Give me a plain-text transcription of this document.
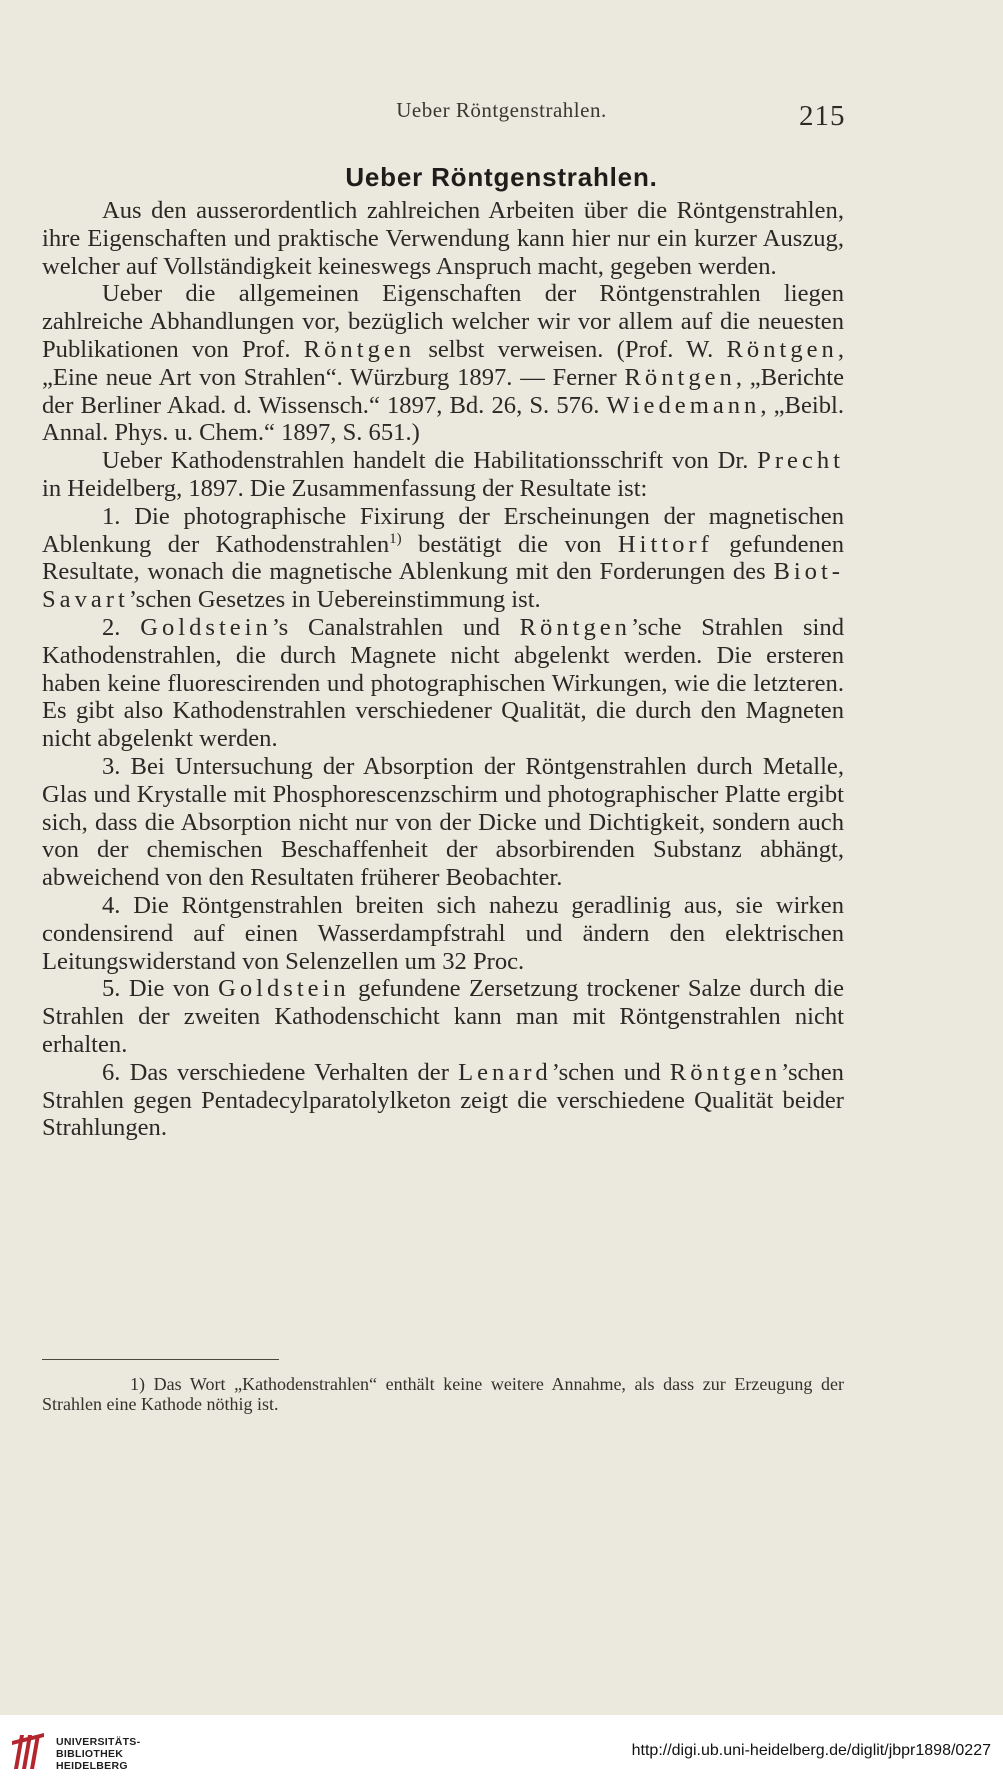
Ueber Röntgenstrahlen.	215
Ueber Röntgenstrahlen.

Aus den ausserordentlich zahlreichen Arbeiten über die Röntgenstrahlen, ihre Eigenschaften und praktische Verwendung kann hier nur ein kurzer Auszug, welcher auf Vollständigkeit keineswegs Anspruch macht, gegeben werden.

Ueber die allgemeinen Eigenschaften der Röntgenstrahlen liegen zahlreiche Abhandlungen vor, bezüglich welcher wir vor allem auf die neuesten Publikationen von Prof. Röntgen selbst verweisen. (Prof. W. Röntgen, „Eine neue Art von Strahlen“. Würzburg 1897. — Ferner Röntgen, „Berichte der Berliner Akad. d. Wissensch.“ 1897, Bd. 26, S. 576. Wiedemann, „Beibl. Annal. Phys. u. Chem.“ 1897, S. 651.)

Ueber Kathodenstrahlen handelt die Habilitationsschrift von Dr. Precht in Heidelberg, 1897. Die Zusammenfassung der Resultate ist:

1. Die photographische Fixirung der Erscheinungen der magnetischen Ablenkung der Kathodenstrahlen$^{1)}$ bestätigt die von Hittorf gefundenen Resultate, wonach die magnetische Ablenkung mit den Forderungen des Biot-Savart’schen Gesetzes in Uebereinstimmung ist.

2. Goldstein’s Canalstrahlen und Röntgen’sche Strahlen sind Kathodenstrahlen, die durch Magnete nicht abgelenkt werden. Die ersteren haben keine fluorescirenden und photographischen Wirkungen, wie die letzteren. Es gibt also Kathodenstrahlen verschiedener Qualität, die durch den Magneten nicht abgelenkt werden.

3. Bei Untersuchung der Absorption der Röntgenstrahlen durch Metalle, Glas und Krystalle mit Phosphorescenzschirm und photographischer Platte ergibt sich, dass die Absorption nicht nur von der Dicke und Dichtigkeit, sondern auch von der chemischen Beschaffenheit der absorbirenden Substanz abhängt, abweichend von den Resultaten früherer Beobachter.

4. Die Röntgenstrahlen breiten sich nahezu geradlinig aus, sie wirken condensirend auf einen Wasserdampfstrahl und ändern den elektrischen Leitungswiderstand von Selenzellen um 32 Proc.

5. Die von Goldstein gefundene Zersetzung trockener Salze durch die Strahlen der zweiten Kathodenschicht kann man mit Röntgenstrahlen nicht erhalten.

6. Das verschiedene Verhalten der Lenard’schen und Röntgen’schen Strahlen gegen Pentadecylparatolylketon zeigt die verschiedene Qualität beider Strahlungen.

1) Das Wort „Kathodenstrahlen“ enthält keine weitere Annahme, als dass zur Erzeugung der Strahlen eine Kathode nöthig ist.

UNIVERSITÄTS-
BIBLIOTHEK
HEIDELBERG
http://digi.ub.uni-heidelberg.de/diglit/jbpr1898/0227
